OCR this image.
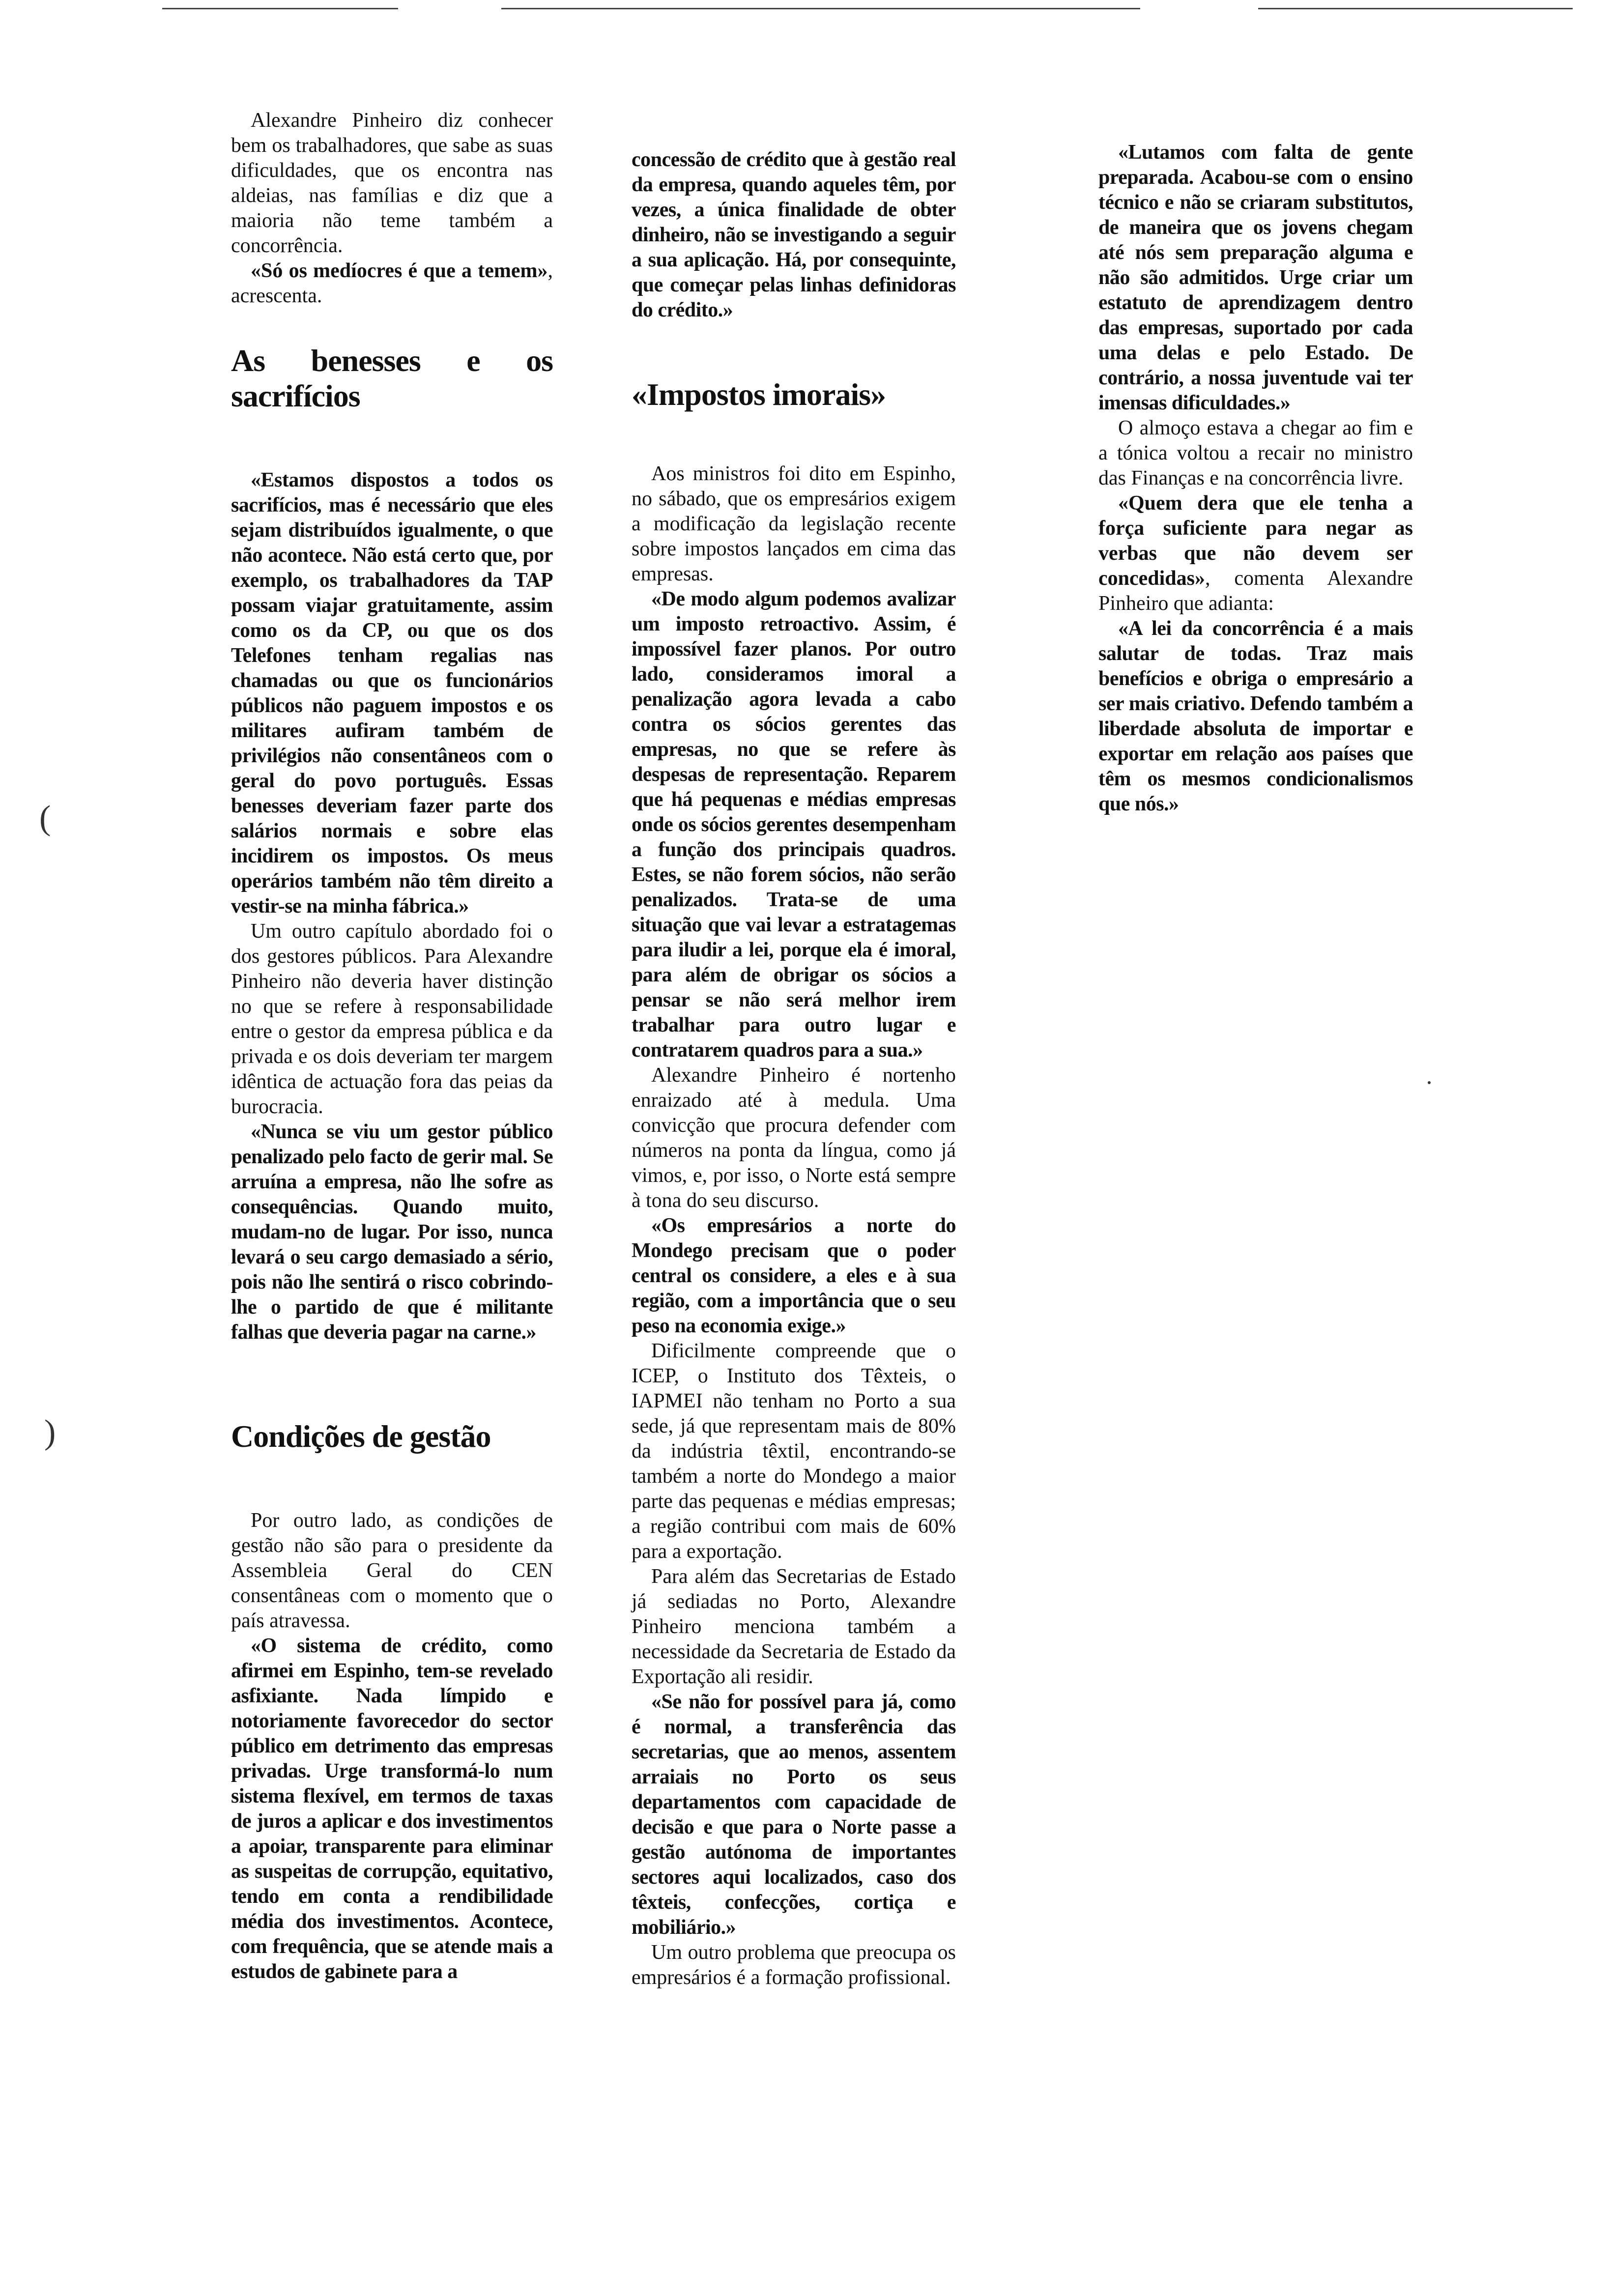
(
)

Alexandre Pinheiro diz conhecer bem os trabalhadores, que sabe as suas dificuldades, que os encontra nas aldeias, nas famílias e diz que a maioria não teme também a concorrência.

«Só os medíocres é que a temem», acrescenta.

As benesses e os sacrifícios

«Estamos dispostos a todos os sacrifícios, mas é necessário que eles sejam distribuídos igualmente, o que não acontece. Não está certo que, por exemplo, os trabalhadores da TAP possam viajar gratuitamente, assim como os da CP, ou que os dos Telefones tenham regalias nas chamadas ou que os funcionários públicos não paguem impostos e os militares aufiram também de privilégios não consentâneos com o geral do povo português. Essas benesses deveriam fazer parte dos salários normais e sobre elas incidirem os impostos. Os meus operários também não têm direito a vestir-se na minha fábrica.»

Um outro capítulo abordado foi o dos gestores públicos. Para Alexandre Pinheiro não deveria haver distinção no que se refere à responsabilidade entre o gestor da empresa pública e da privada e os dois deveriam ter margem idêntica de actuação fora das peias da burocracia.

«Nunca se viu um gestor público penalizado pelo facto de gerir mal. Se arruína a empresa, não lhe sofre as consequências. Quando muito, mudam-no de lugar. Por isso, nunca levará o seu cargo demasiado a sério, pois não lhe sentirá o risco cobrindo-lhe o partido de que é militante falhas que deveria pagar na carne.»

Condições de gestão

Por outro lado, as condições de gestão não são para o presidente da Assembleia Geral do CEN consentâneas com o momento que o país atravessa.

«O sistema de crédito, como afirmei em Espinho, tem-se revelado asfixiante. Nada límpido e notoriamente favorecedor do sector público em detrimento das empresas privadas. Urge transformá-lo num sistema flexível, em termos de taxas de juros a aplicar e dos investimentos a apoiar, transparente para eliminar as suspeitas de corrupção, equitativo, tendo em conta a rendibilidade média dos investimentos. Acontece, com frequência, que se atende mais a estudos de gabinete para a

concessão de crédito que à gestão real da empresa, quando aqueles têm, por vezes, a única finalidade de obter dinheiro, não se investigando a seguir a sua aplicação. Há, por consequinte, que começar pelas linhas definidoras do crédito.»

«Impostos imorais»

Aos ministros foi dito em Espinho, no sábado, que os empresários exigem a modificação da legislação recente sobre impostos lançados em cima das empresas.

«De modo algum podemos avalizar um imposto retroactivo. Assim, é impossível fazer planos. Por outro lado, consideramos imoral a penalização agora levada a cabo contra os sócios gerentes das empresas, no que se refere às despesas de representação. Reparem que há pequenas e médias empresas onde os sócios gerentes desempenham a função dos principais quadros. Estes, se não forem sócios, não serão penalizados. Trata-se de uma situação que vai levar a estratagemas para iludir a lei, porque ela é imoral, para além de obrigar os sócios a pensar se não será melhor irem trabalhar para outro lugar e contratarem quadros para a sua.»

Alexandre Pinheiro é nortenho enraizado até à medula. Uma convicção que procura defender com números na ponta da língua, como já vimos, e, por isso, o Norte está sempre à tona do seu discurso.

«Os empresários a norte do Mondego precisam que o poder central os considere, a eles e à sua região, com a importância que o seu peso na economia exige.»

Dificilmente compreende que o ICEP, o Instituto dos Têxteis, o IAPMEI não tenham no Porto a sua sede, já que representam mais de 80% da indústria têxtil, encontrando-se também a norte do Mondego a maior parte das pequenas e médias empresas; a região contribui com mais de 60% para a exportação.

Para além das Secretarias de Estado já sediadas no Porto, Alexandre Pinheiro menciona também a necessidade da Secretaria de Estado da Exportação ali residir.

«Se não for possível para já, como é normal, a transferência das secretarias, que ao menos, assentem arraiais no Porto os seus departamentos com capacidade de decisão e que para o Norte passe a gestão autónoma de importantes sectores aqui localizados, caso dos têxteis, confecções, cortiça e mobiliário.»

Um outro problema que preocupa os empresários é a formação profissional.

«Lutamos com falta de gente preparada. Acabou-se com o ensino técnico e não se criaram substitutos, de maneira que os jovens chegam até nós sem preparação alguma e não são admitidos. Urge criar um estatuto de aprendizagem dentro das empresas, suportado por cada uma delas e pelo Estado. De contrário, a nossa juventude vai ter imensas dificuldades.»

O almoço estava a chegar ao fim e a tónica voltou a recair no ministro das Finanças e na concorrência livre.

«Quem dera que ele tenha a força suficiente para negar as verbas que não devem ser concedidas», comenta Alexandre Pinheiro que adianta:

«A lei da concorrência é a mais salutar de todas. Traz mais benefícios e obriga o empresário a ser mais criativo. Defendo também a liberdade absoluta de importar e exportar em relação aos países que têm os mesmos condicionalismos que nós.»
